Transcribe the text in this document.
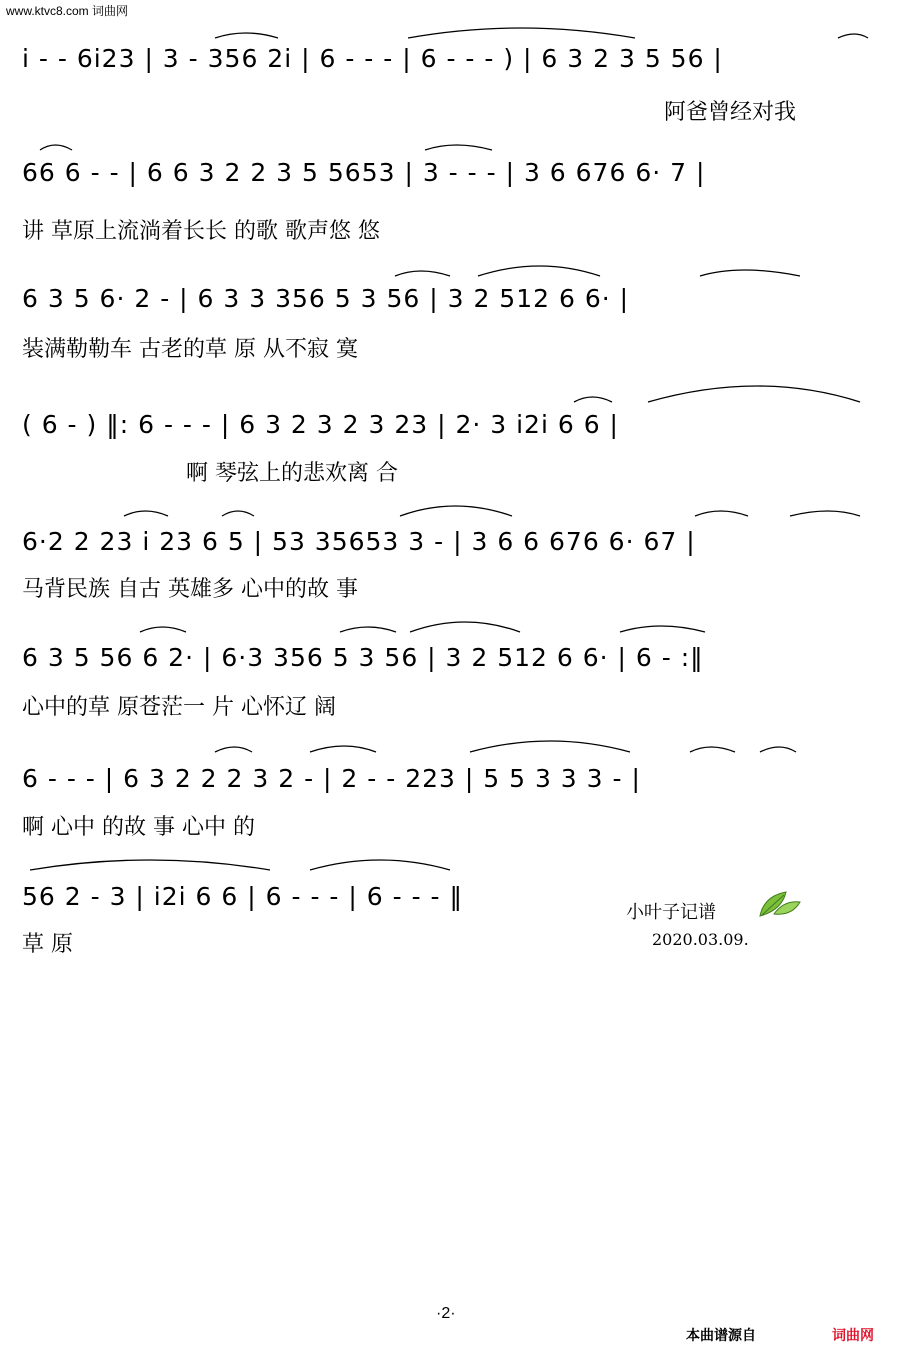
www.ktvc8.com 词曲网
i - - 6i23 | 3 - 356 2i | 6 - - - | 6 - - - ) | 6 3 2 3 5 56 |
阿爸曾经对我
66 6 - - | 6 6 3 2 2 3 5 5653 | 3 - - - | 3 6 676 6· 7 |
讲 草原上流淌着长长 的歌 歌声悠 悠
6 3 5 6· 2 - | 6 3 3 356 5 3 56 | 3 2 512 6 6· |
装满勒勒车 古老的草 原 从不寂 寞
( 6 - ) ‖: 6 - - - | 6 3 2 3 2 3 23 | 2· 3 i2i 6 6 |
啊 琴弦上的悲欢离 合
6·2 2 23 i 23 6 5 | 53 35653 3 - | 3 6 6 676 6· 67 |
马背民族 自古 英雄多 心中的故 事
6 3 5 56 6 2· | 6·3 356 5 3 56 | 3 2 512 6 6· | 6 - :‖
心中的草 原苍茫一 片 心怀辽 阔
6 - - - | 6 3 2 2 2 3 2 - | 2 - - 223 | 5 5 3 3 3 - |
啊 心中 的故 事 心中 的
56 2 - 3 | i2i 6 6 | 6 - - - | 6 - - - ‖
草 原
小叶子记谱
2020.03.09.
·2·
本曲谱源自	词曲网
